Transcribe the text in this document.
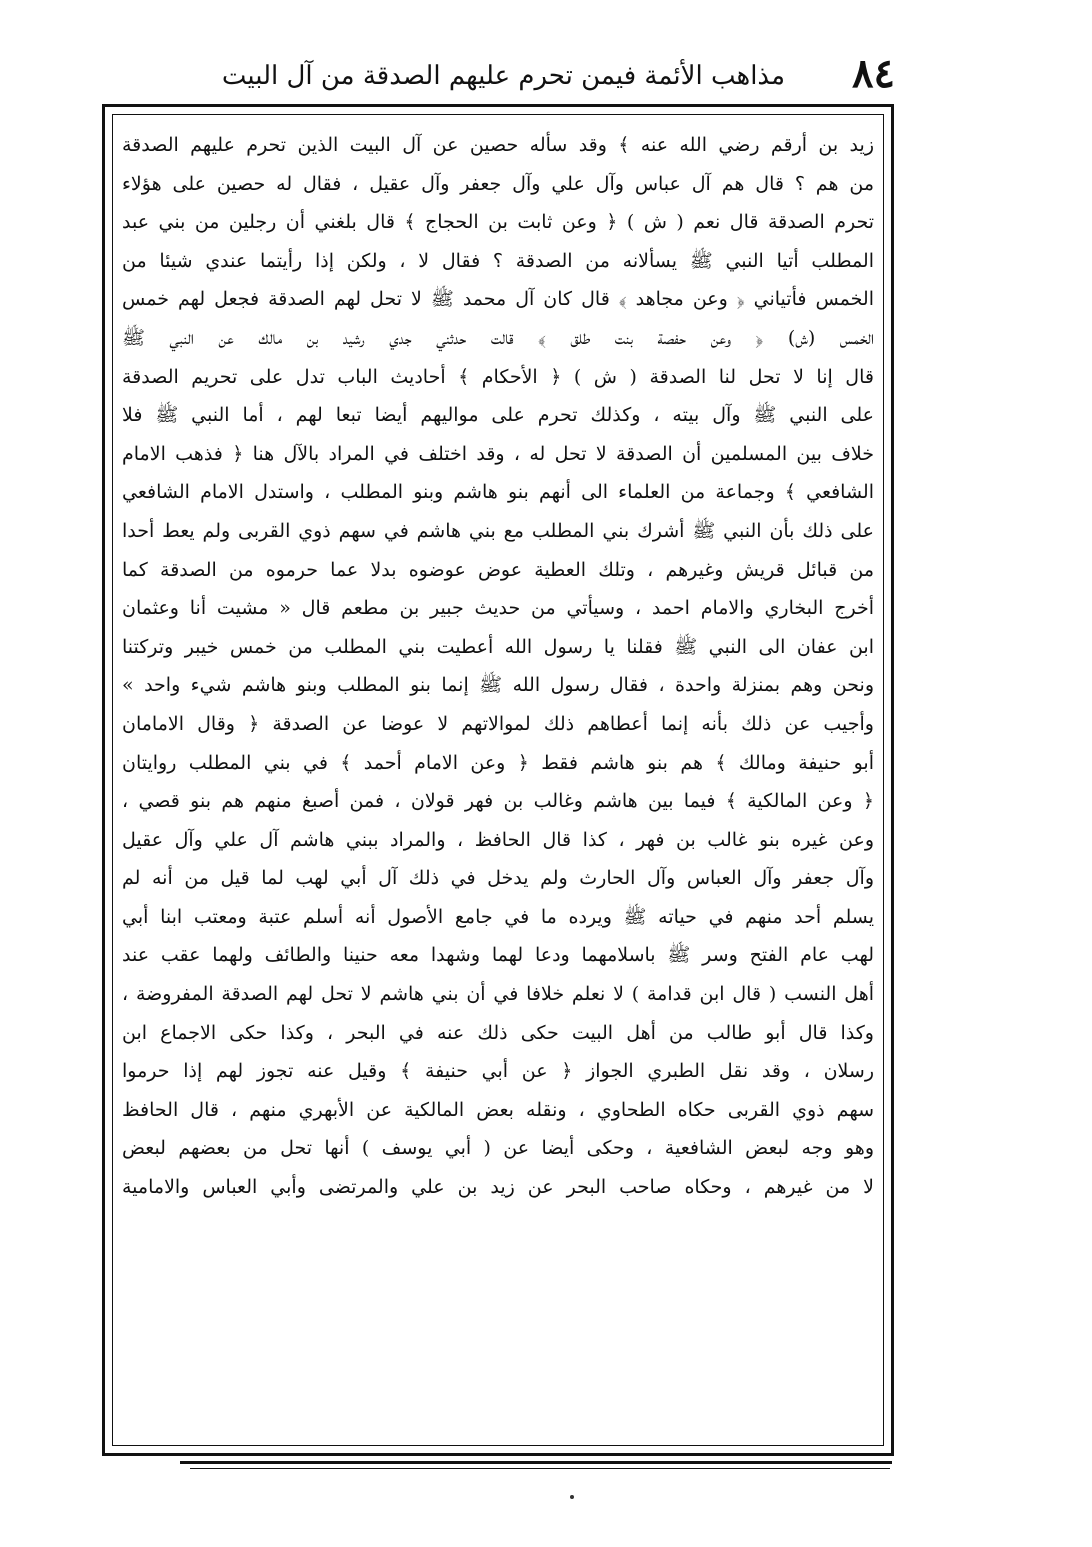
٨٤
مذاهب الأئمة فيمن تحرم عليهم الصدقة من آل البيت
زيد بن أرقم رضي الله عنه ﴾ وقد سأله حصين عن آل البيت الذين تحرم عليهم الصدقة
من هم ؟ قال هم آل عباس وآل علي وآل جعفر وآل عقيل ، فقال له حصين على هؤلاء
تحرم الصدقة قال نعم ( ش ) ﴿ وعن ثابت بن الحجاج ﴾ قال بلغني أن رجلين من بني عبد
المطلب أتيا النبي ﷺ يسألانه من الصدقة ؟ فقال لا ، ولكن إذا رأيتما عندي شيئا من
الخمس فأتياني ﴿ وعن مجاهد ﴾ قال كان آل محمد ﷺ لا تحل لهم الصدقة فجعل لهم خمس
الخمس (ش) ﴿ وعن حفصة بنت طلق ﴾ قالت حدثني جدي رشيد بن مالك عن النبي ﷺ
قال إنا لا تحل لنا الصدقة ( ش ) ﴿ الأحكام ﴾ أحاديث الباب تدل على تحريم الصدقة
على النبي ﷺ وآل بيته ، وكذلك تحرم على مواليهم أيضا تبعا لهم ، أما النبي ﷺ فلا
خلاف بين المسلمين أن الصدقة لا تحل له ، وقد اختلف في المراد بالآل هنا ﴿ فذهب الامام
الشافعي ﴾ وجماعة من العلماء الى أنهم بنو هاشم وبنو المطلب ، واستدل الامام الشافعي
على ذلك بأن النبي ﷺ أشرك بني المطلب مع بني هاشم في سهم ذوي القربى ولم يعط أحدا
من قبائل قريش وغيرهم ، وتلك العطية عوض عوضوه بدلا عما حرموه من الصدقة كما
أخرج البخاري والامام احمد ، وسيأتي من حديث جبير بن مطعم قال « مشيت أنا وعثمان
ابن عفان الى النبي ﷺ فقلنا يا رسول الله أعطيت بني المطلب من خمس خيبر وتركتنا
ونحن وهم بمنزلة واحدة ، فقال رسول الله ﷺ إنما بنو المطلب وبنو هاشم شيء واحد »
وأجيب عن ذلك بأنه إنما أعطاهم ذلك لموالاتهم لا عوضا عن الصدقة ﴿ وقال الامامان
أبو حنيفة ومالك ﴾ هم بنو هاشم فقط ﴿ وعن الامام أحمد ﴾ في بني المطلب روايتان
﴿ وعن المالكية ﴾ فيما بين هاشم وغالب بن فهر قولان ، فمن أصبغ منهم هم بنو قصي ،
وعن غيره بنو غالب بن فهر ، كذا قال الحافظ ، والمراد ببني هاشم آل علي وآل عقيل
وآل جعفر وآل العباس وآل الحارث ولم يدخل في ذلك آل أبي لهب لما قيل من أنه لم
يسلم أحد منهم في حياته ﷺ ويرده ما في جامع الأصول أنه أسلم عتبة ومعتب ابنا أبي
لهب عام الفتح وسر ﷺ باسلامهما ودعا لهما وشهدا معه حنينا والطائف ولهما عقب عند
أهل النسب ( قال ابن قدامة ) لا نعلم خلافا في أن بني هاشم لا تحل لهم الصدقة المفروضة ،
وكذا قال أبو طالب من أهل البيت حكى ذلك عنه في البحر ، وكذا حكى الاجماع ابن
رسلان ، وقد نقل الطبري الجواز ﴿ عن أبي حنيفة ﴾ وقيل عنه تجوز لهم إذا حرموا
سهم ذوي القربى حكاه الطحاوي ، ونقله بعض المالكية عن الأبهري منهم ، قال الحافظ
وهو وجه لبعض الشافعية ، وحكى أيضا عن ( أبي يوسف ) أنها تحل من بعضهم لبعض
لا من غيرهم ، وحكاه صاحب البحر عن زيد بن علي والمرتضى وأبي العباس والامامية
